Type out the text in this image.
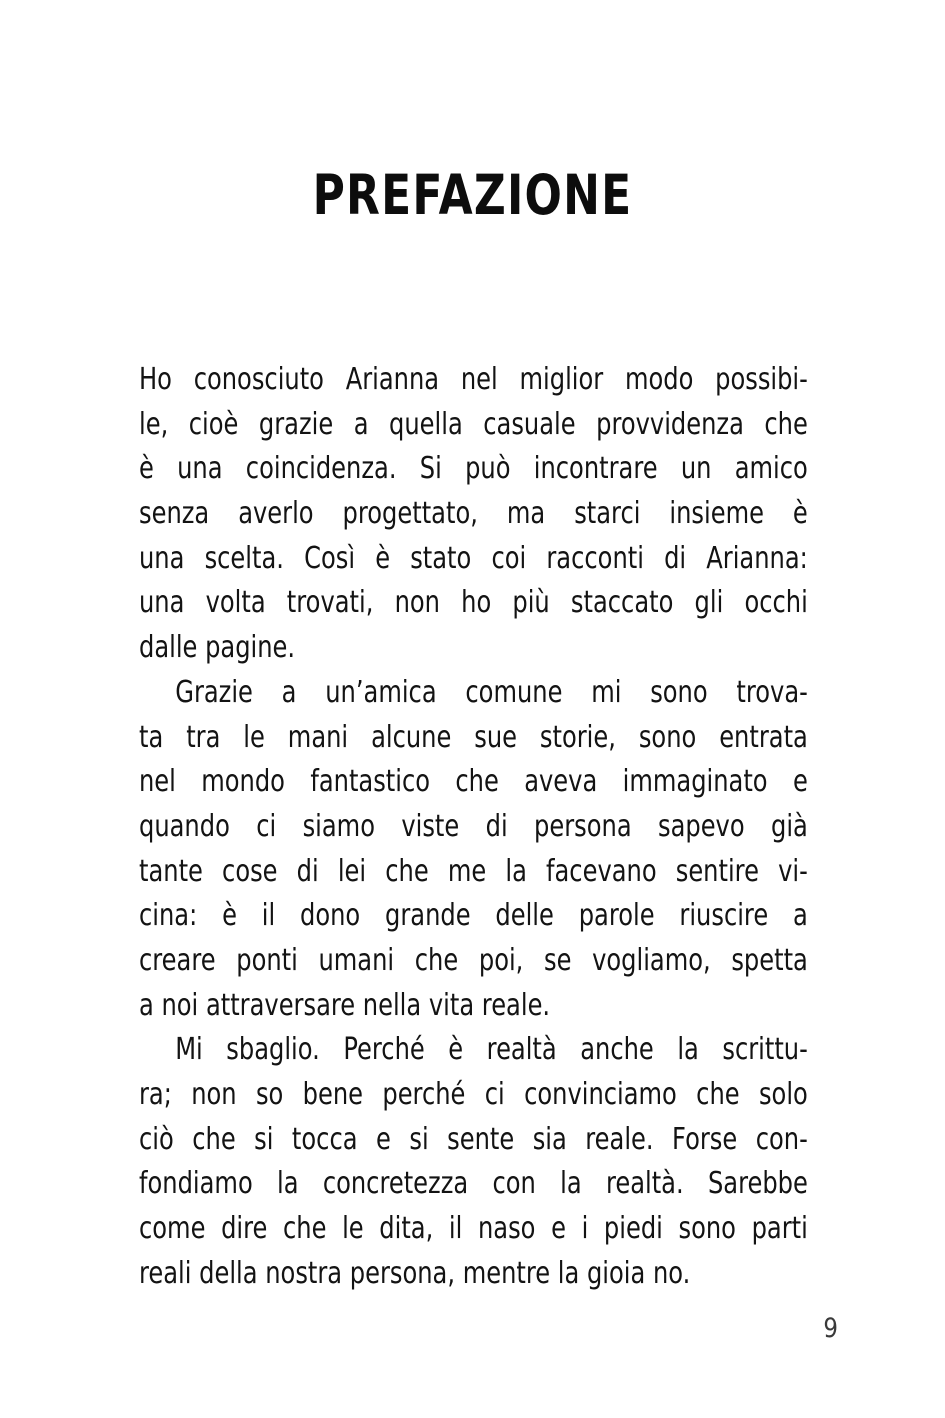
PREFAZIONE

Ho conosciuto Arianna nel miglior modo possibi-
le, cioè grazie a quella casuale provvidenza che
è una coincidenza. Si può incontrare un amico
senza averlo progettato, ma starci insieme è
una scelta. Così è stato coi racconti di Arianna:
una volta trovati, non ho più staccato gli occhi
dalle pagine.

Grazie a un’amica comune mi sono trova-
ta tra le mani alcune sue storie, sono entrata
nel mondo fantastico che aveva immaginato e
quando ci siamo viste di persona sapevo già
tante cose di lei che me la facevano sentire vi-
cina: è il dono grande delle parole riuscire a
creare ponti umani che poi, se vogliamo, spetta
a noi attraversare nella vita reale.

Mi sbaglio. Perché è realtà anche la scrittu-
ra; non so bene perché ci convinciamo che solo
ciò che si tocca e si sente sia reale. Forse con-
fondiamo la concretezza con la realtà. Sarebbe
come dire che le dita, il naso e i piedi sono parti
reali della nostra persona, mentre la gioia no.

9
